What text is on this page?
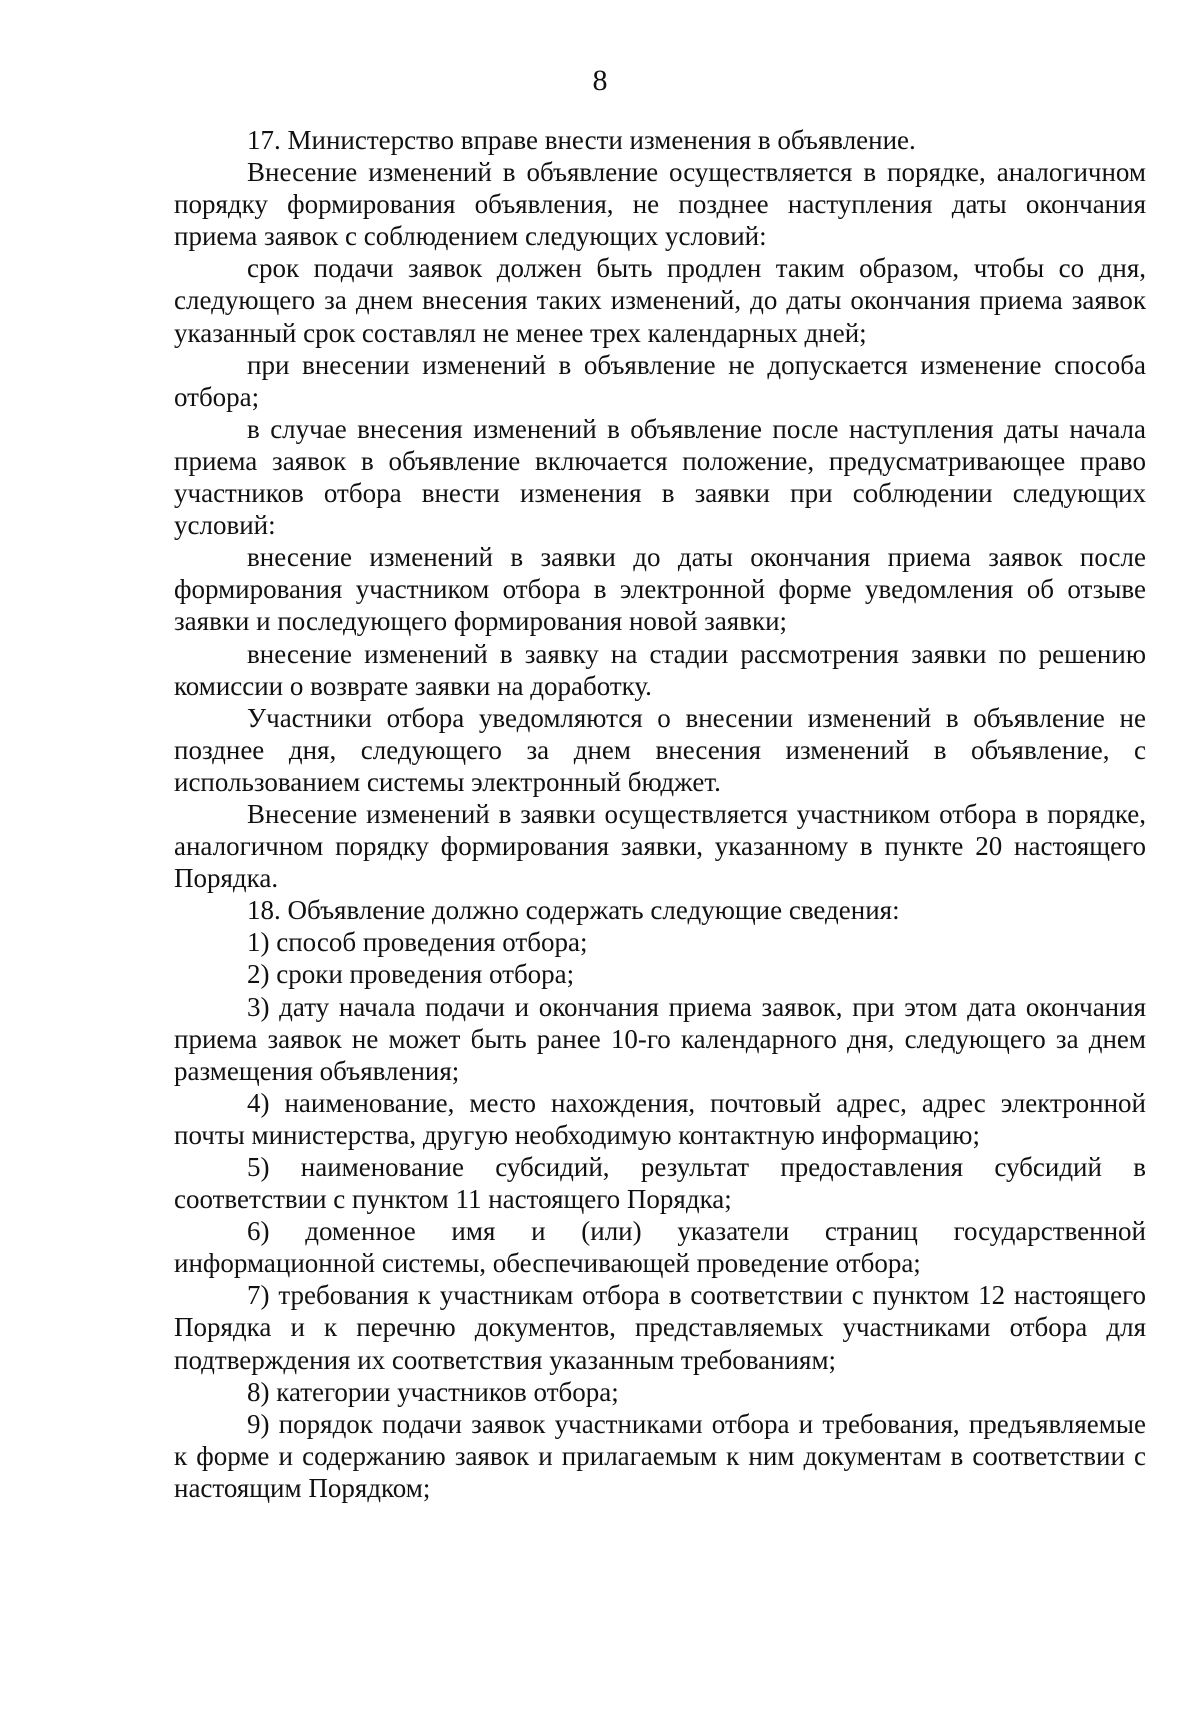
8

17. Министерство вправе внести изменения в объявление.

Внесение изменений в объявление осуществляется в порядке, аналогичном порядку формирования объявления, не позднее наступления даты окончания приема заявок с соблюдением следующих условий:

срок подачи заявок должен быть продлен таким образом, чтобы со дня, следующего за днем внесения таких изменений, до даты окончания приема заявок указанный срок составлял не менее трех календарных дней;

при внесении изменений в объявление не допускается изменение способа отбора;

в случае внесения изменений в объявление после наступления даты начала приема заявок в объявление включается положение, предусматривающее право участников отбора внести изменения в заявки при соблюдении следующих условий:

внесение изменений в заявки до даты окончания приема заявок после формирования участником отбора в электронной форме уведомления об отзыве заявки и последующего формирования новой заявки;

внесение изменений в заявку на стадии рассмотрения заявки по решению комиссии о возврате заявки на доработку.

Участники отбора уведомляются о внесении изменений в объявление не позднее дня, следующего за днем внесения изменений в объявление, с использованием системы электронный бюджет.

Внесение изменений в заявки осуществляется участником отбора в порядке, аналогичном порядку формирования заявки, указанному в пункте 20 настоящего Порядка.

18. Объявление должно содержать следующие сведения:

1) способ проведения отбора;

2) сроки проведения отбора;

3) дату начала подачи и окончания приема заявок, при этом дата окончания приема заявок не может быть ранее 10-го календарного дня, следующего за днем размещения объявления;

4) наименование, место нахождения, почтовый адрес, адрес электронной почты министерства, другую необходимую контактную информацию;

5) наименование субсидий, результат предоставления субсидий в соответствии с пунктом 11 настоящего Порядка;

6) доменное имя и (или) указатели страниц государственной информационной системы, обеспечивающей проведение отбора;

7) требования к участникам отбора в соответствии с пунктом 12 настоящего Порядка и к перечню документов, представляемых участниками отбора для подтверждения их соответствия указанным требованиям;

8) категории участников отбора;

9) порядок подачи заявок участниками отбора и требования, предъявляемые к форме и содержанию заявок и прилагаемым к ним документам в соответствии с настоящим Порядком;
